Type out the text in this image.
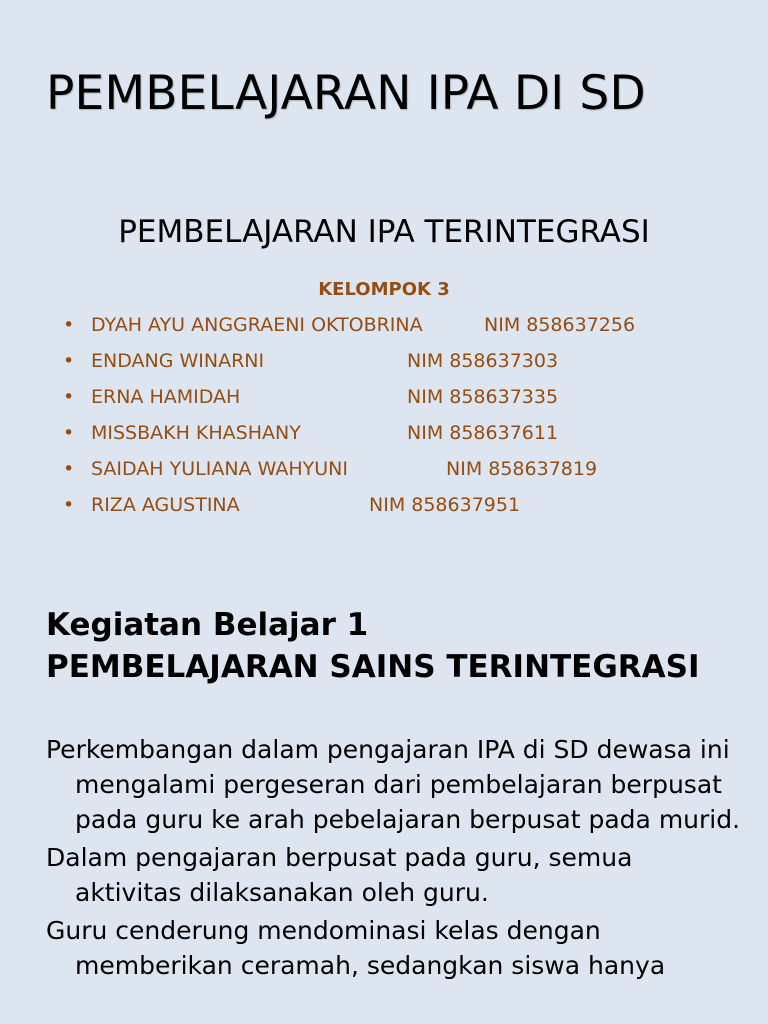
PEMBELAJARAN IPA DI SD
PEMBELAJARAN IPA TERINTEGRASI
KELOMPOK 3
• DYAH AYU ANGGRAENI OKTOBRINA	NIM 858637256
• ENDANG WINARNI	NIM 858637303
• ERNA HAMIDAH	NIM 858637335
• MISSBAKH KHASHANY	NIM 858637611
• SAIDAH YULIANA WAHYUNI	NIM 858637819
• RIZA AGUSTINA	NIM 858637951
Kegiatan Belajar 1
PEMBELAJARAN SAINS TERINTEGRASI

Perkembangan dalam pengajaran IPA di SD dewasa ini mengalami pergeseran dari pembelajaran berpusat pada guru ke arah pebelajaran berpusat pada murid.

Dalam pengajaran berpusat pada guru, semua aktivitas dilaksanakan oleh guru.

Guru cenderung mendominasi kelas dengan memberikan ceramah, sedangkan siswa hanya
